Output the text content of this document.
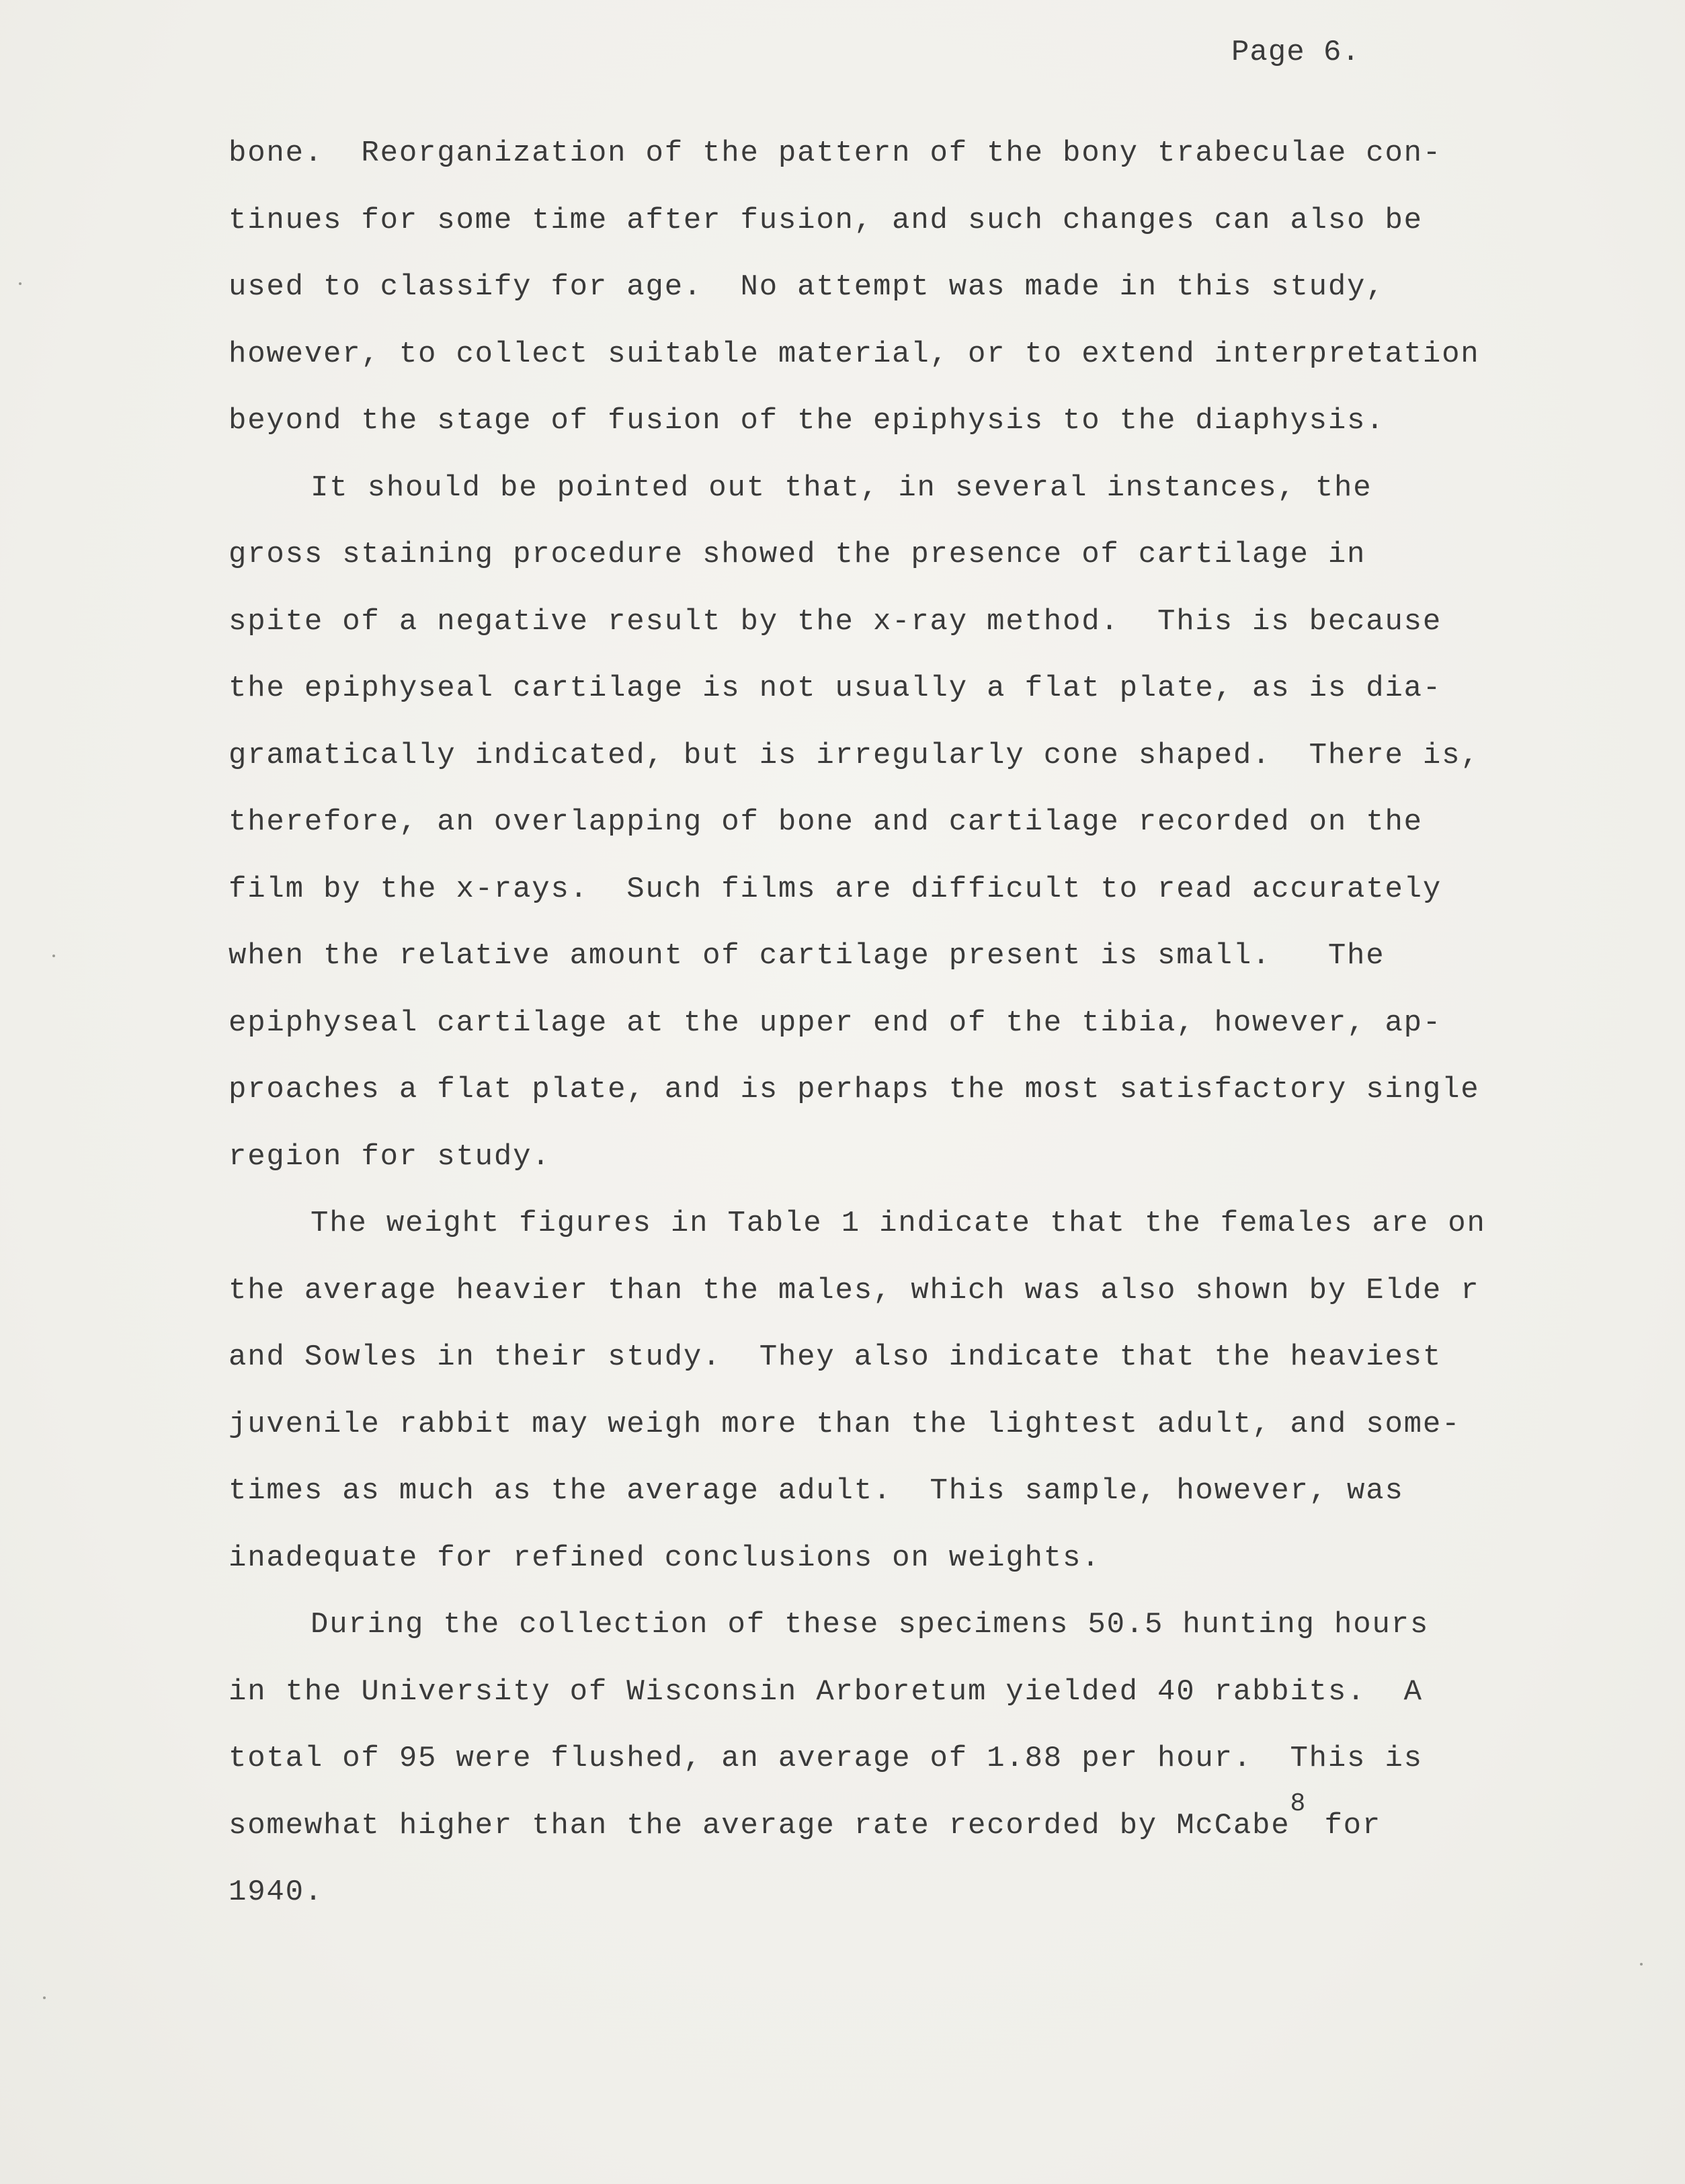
Page 6.
bone.  Reorganization of the pattern of the bony trabeculae con-
tinues for some time after fusion, and such changes can also be
used to classify for age.  No attempt was made in this study,
however, to collect suitable material, or to extend interpretation
beyond the stage of fusion of the epiphysis to the diaphysis.
It should be pointed out that, in several instances, the
gross staining procedure showed the presence of cartilage in
spite of a negative result by the x-ray method.  This is because
the epiphyseal cartilage is not usually a flat plate, as is dia-
gramatically indicated, but is irregularly cone shaped.  There is,
therefore, an overlapping of bone and cartilage recorded on the
film by the x-rays.  Such films are difficult to read accurately
when the relative amount of cartilage present is small.   The
epiphyseal cartilage at the upper end of the tibia, however, ap-
proaches a flat plate, and is perhaps the most satisfactory single
region for study.
The weight figures in Table 1 indicate that the females are on
the average heavier than the males, which was also shown by Elde r
and Sowles in their study.  They also indicate that the heaviest
juvenile rabbit may weigh more than the lightest adult, and some-
times as much as the average adult.  This sample, however, was
inadequate for refined conclusions on weights.
During the collection of these specimens 50.5 hunting hours
in the University of Wisconsin Arboretum yielded 40 rabbits.  A
total of 95 were flushed, an average of 1.88 per hour.  This is
somewhat higher than the average rate recorded by McCabe8 for
1940.
